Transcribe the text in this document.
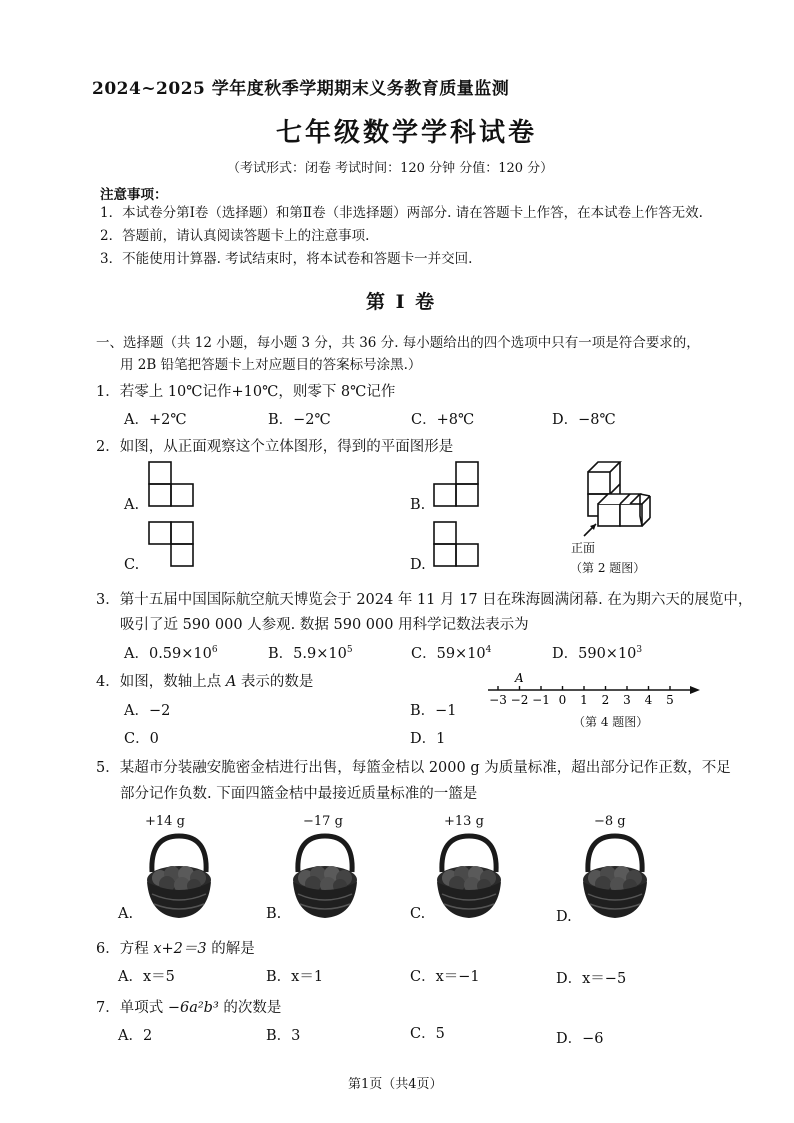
2024~2025 学年度秋季学期期末义务教育质量监测
七年级数学学科试卷
（考试形式：闭卷 考试时间：120 分钟 分值：120 分）
注意事项：
1．本试卷分第Ⅰ卷（选择题）和第Ⅱ卷（非选择题）两部分. 请在答题卡上作答，在本试卷上作答无效.
2．答题前，请认真阅读答题卡上的注意事项.
3．不能使用计算器. 考试结束时，将本试卷和答题卡一并交回.
第 I 卷
一、选择题（共 12 小题，每小题 3 分，共 36 分. 每小题给出的四个选项中只有一项是符合要求的，
用 2B 铅笔把答题卡上对应题目的答案标号涂黑.）
1．若零上 10℃记作+10℃，则零下 8℃记作
A．+2℃	B．−2℃	C．+8℃	D．−8℃
2．如图，从正面观察这个立体图形，得到的平面图形是
A.
C.
B.
D.
正面
（第 2 题图）
3．第十五届中国国际航空航天博览会于 2024 年 11 月 17 日在珠海圆满闭幕. 在为期六天的展览中，
吸引了近 590 000 人参观. 数据 590 000 用科学记数法表示为
A．$0.59\times 10^6$	B．$5.9\times 10^5$	C．$59\times 10^4$	D．$590\times 10^3$
4．如图，数轴上点 A 表示的数是
A．−2	B．−1
C．0	D．1
−3 −2 −1 0 1 2 3 4 5
A
（第 4 题图）
5．某超市分装融安脆密金桔进行出售，每篮金桔以 2000 g 为质量标准，超出部分记作正数，不足
部分记作负数. 下面四篮金桔中最接近质量标准的一篮是
+14 g	−17 g	+13 g	−8 g
A.	B.	C.	D.
6．方程 x+2＝3 的解是
A．x＝5	B．x＝1	C．x＝−1	D．x＝−5
7．单项式 −6a²b³ 的次数是
A．2	B．3	C．5	D．−6
第1页（共4页）
